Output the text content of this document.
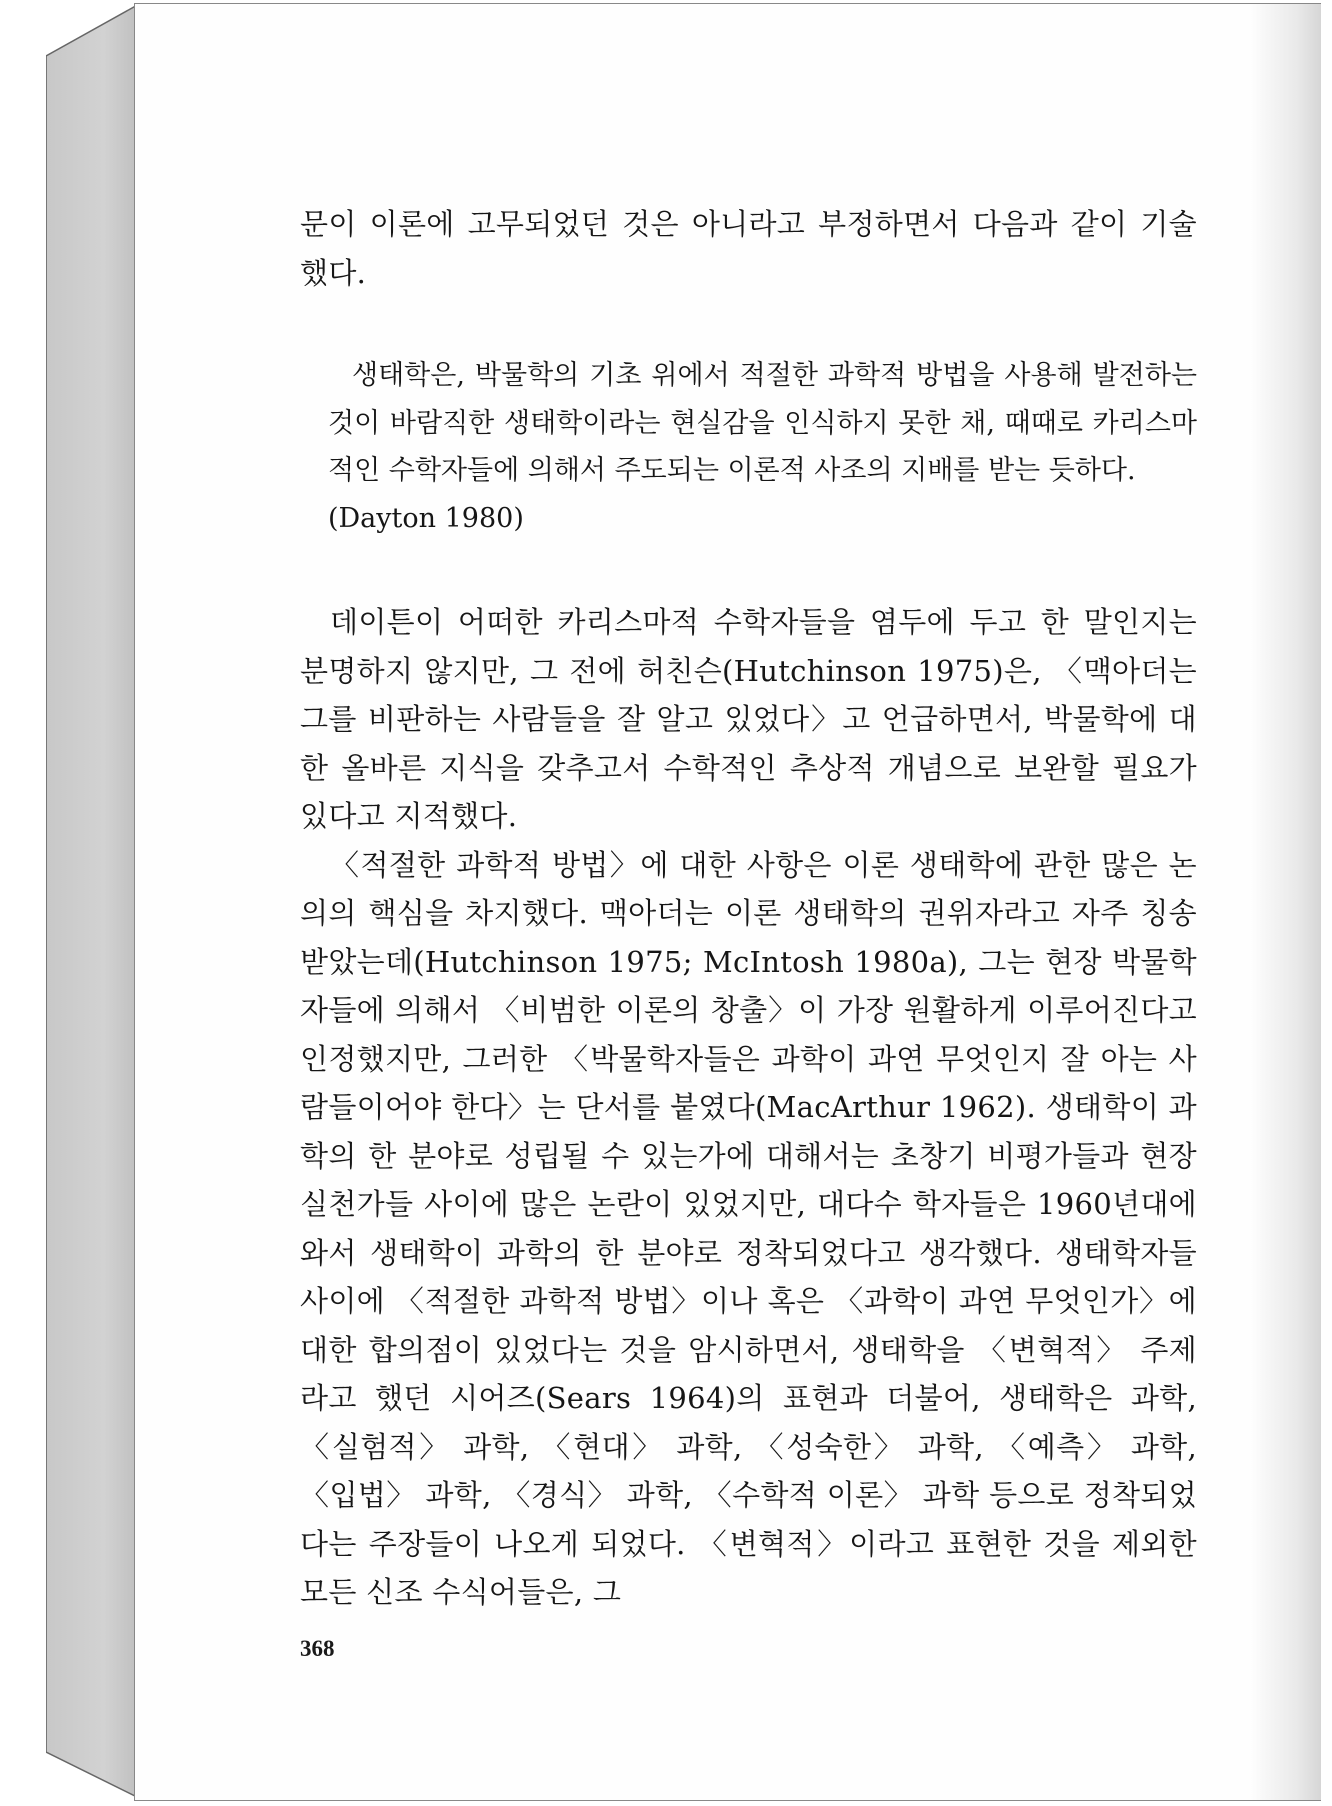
문이 이론에 고무되었던 것은 아니라고 부정하면서 다음과 같이 기술했다.

생태학은, 박물학의 기초 위에서 적절한 과학적 방법을 사용해 발전하는 것이 바람직한 생태학이라는 현실감을 인식하지 못한 채, 때때로 카리스마적인 수학자들에 의해서 주도되는 이론적 사조의 지배를 받는 듯하다.

(Dayton 1980)

데이튼이 어떠한 카리스마적 수학자들을 염두에 두고 한 말인지는 분명하지 않지만, 그 전에 허친슨(Hutchinson 1975)은, 〈맥아더는 그를 비판하는 사람들을 잘 알고 있었다〉고 언급하면서, 박물학에 대한 올바른 지식을 갖추고서 수학적인 추상적 개념으로 보완할 필요가 있다고 지적했다.

〈적절한 과학적 방법〉에 대한 사항은 이론 생태학에 관한 많은 논의의 핵심을 차지했다. 맥아더는 이론 생태학의 권위자라고 자주 칭송받았는데(Hutchinson 1975; McIntosh 1980a), 그는 현장 박물학자들에 의해서 〈비범한 이론의 창출〉이 가장 원활하게 이루어진다고 인정했지만, 그러한 〈박물학자들은 과학이 과연 무엇인지 잘 아는 사람들이어야 한다〉는 단서를 붙였다(MacArthur 1962). 생태학이 과학의 한 분야로 성립될 수 있는가에 대해서는 초창기 비평가들과 현장 실천가들 사이에 많은 논란이 있었지만, 대다수 학자들은 1960년대에 와서 생태학이 과학의 한 분야로 정착되었다고 생각했다. 생태학자들 사이에 〈적절한 과학적 방법〉이나 혹은 〈과학이 과연 무엇인가〉에 대한 합의점이 있었다는 것을 암시하면서, 생태학을 〈변혁적〉 주제라고 했던 시어즈(Sears 1964)의 표현과 더불어, 생태학은 과학, 〈실험적〉 과학, 〈현대〉 과학, 〈성숙한〉 과학, 〈예측〉 과학, 〈입법〉 과학, 〈경식〉 과학, 〈수학적 이론〉 과학 등으로 정착되었다는 주장들이 나오게 되었다. 〈변혁적〉이라고 표현한 것을 제외한 모든 신조 수식어들은, 그

368
